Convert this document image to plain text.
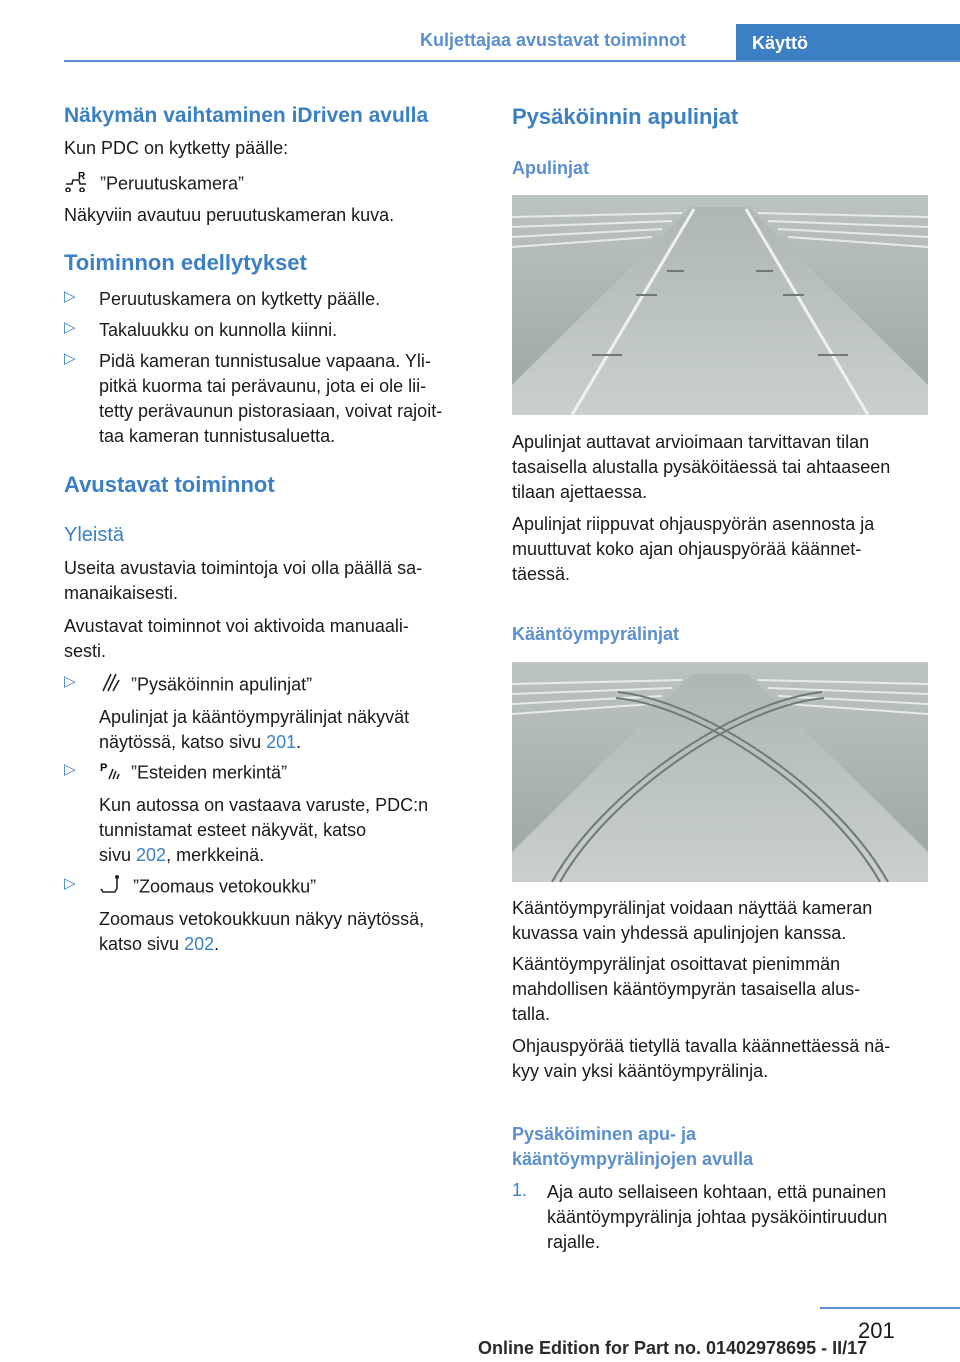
Kuljettajaa avustavat toiminnot	Käyttö
Näkymän vaihtaminen iDriven avulla
Kun PDC on kytketty päälle:
R ”Peruutuskamera”
Näkyviin avautuu peruutuskameran kuva.
Toiminnon edellytykset
▷ Peruutuskamera on kytketty päälle.
▷ Takaluukku on kunnolla kiinni.
▷ Pidä kameran tunnistusalue vapaana. Yli-
pitkä kuorma tai perävaunu, jota ei ole lii-
tetty perävaunun pistorasiaan, voivat rajoit-
taa kameran tunnistusaluetta.
Avustavat toiminnot
Yleistä
Useita avustavia toimintoja voi olla päällä sa-
manaikaisesti.
Avustavat toiminnot voi aktivoida manuaali-
sesti.
▷	”Pysäköinnin apulinjat”
Apulinjat ja kääntöympyrälinjat näkyvät
näytössä, katso sivu 201.
▷ P ”Esteiden merkintä”
Kun autossa on vastaava varuste, PDC:n
tunnistamat esteet näkyvät, katso
sivu 202, merkkeinä.
▷	”Zoomaus vetokoukku”
Zoomaus vetokoukkuun näkyy näytössä,
katso sivu 202.
Pysäköinnin apulinjat
Apulinjat
Apulinjat auttavat arvioimaan tarvittavan tilan
tasaisella alustalla pysäköitäessä tai ahtaaseen
tilaan ajettaessa.
Apulinjat riippuvat ohjauspyörän asennosta ja
muuttuvat koko ajan ohjauspyörää käännet-
täessä.
Kääntöympyrälinjat
Kääntöympyrälinjat voidaan näyttää kameran
kuvassa vain yhdessä apulinjojen kanssa.
Kääntöympyrälinjat osoittavat pienimmän
mahdollisen kääntöympyrän tasaisella alus-
talla.
Ohjauspyörää tietyllä tavalla käännettäessä nä-
kyy vain yksi kääntöympyrälinja.
Pysäköiminen apu- ja
kääntöympyrälinjojen avulla
1. Aja auto sellaiseen kohtaan, että punainen
kääntöympyrälinja johtaa pysäköintiruudun
rajalle.
201
Online Edition for Part no. 01402978695 - II/17
